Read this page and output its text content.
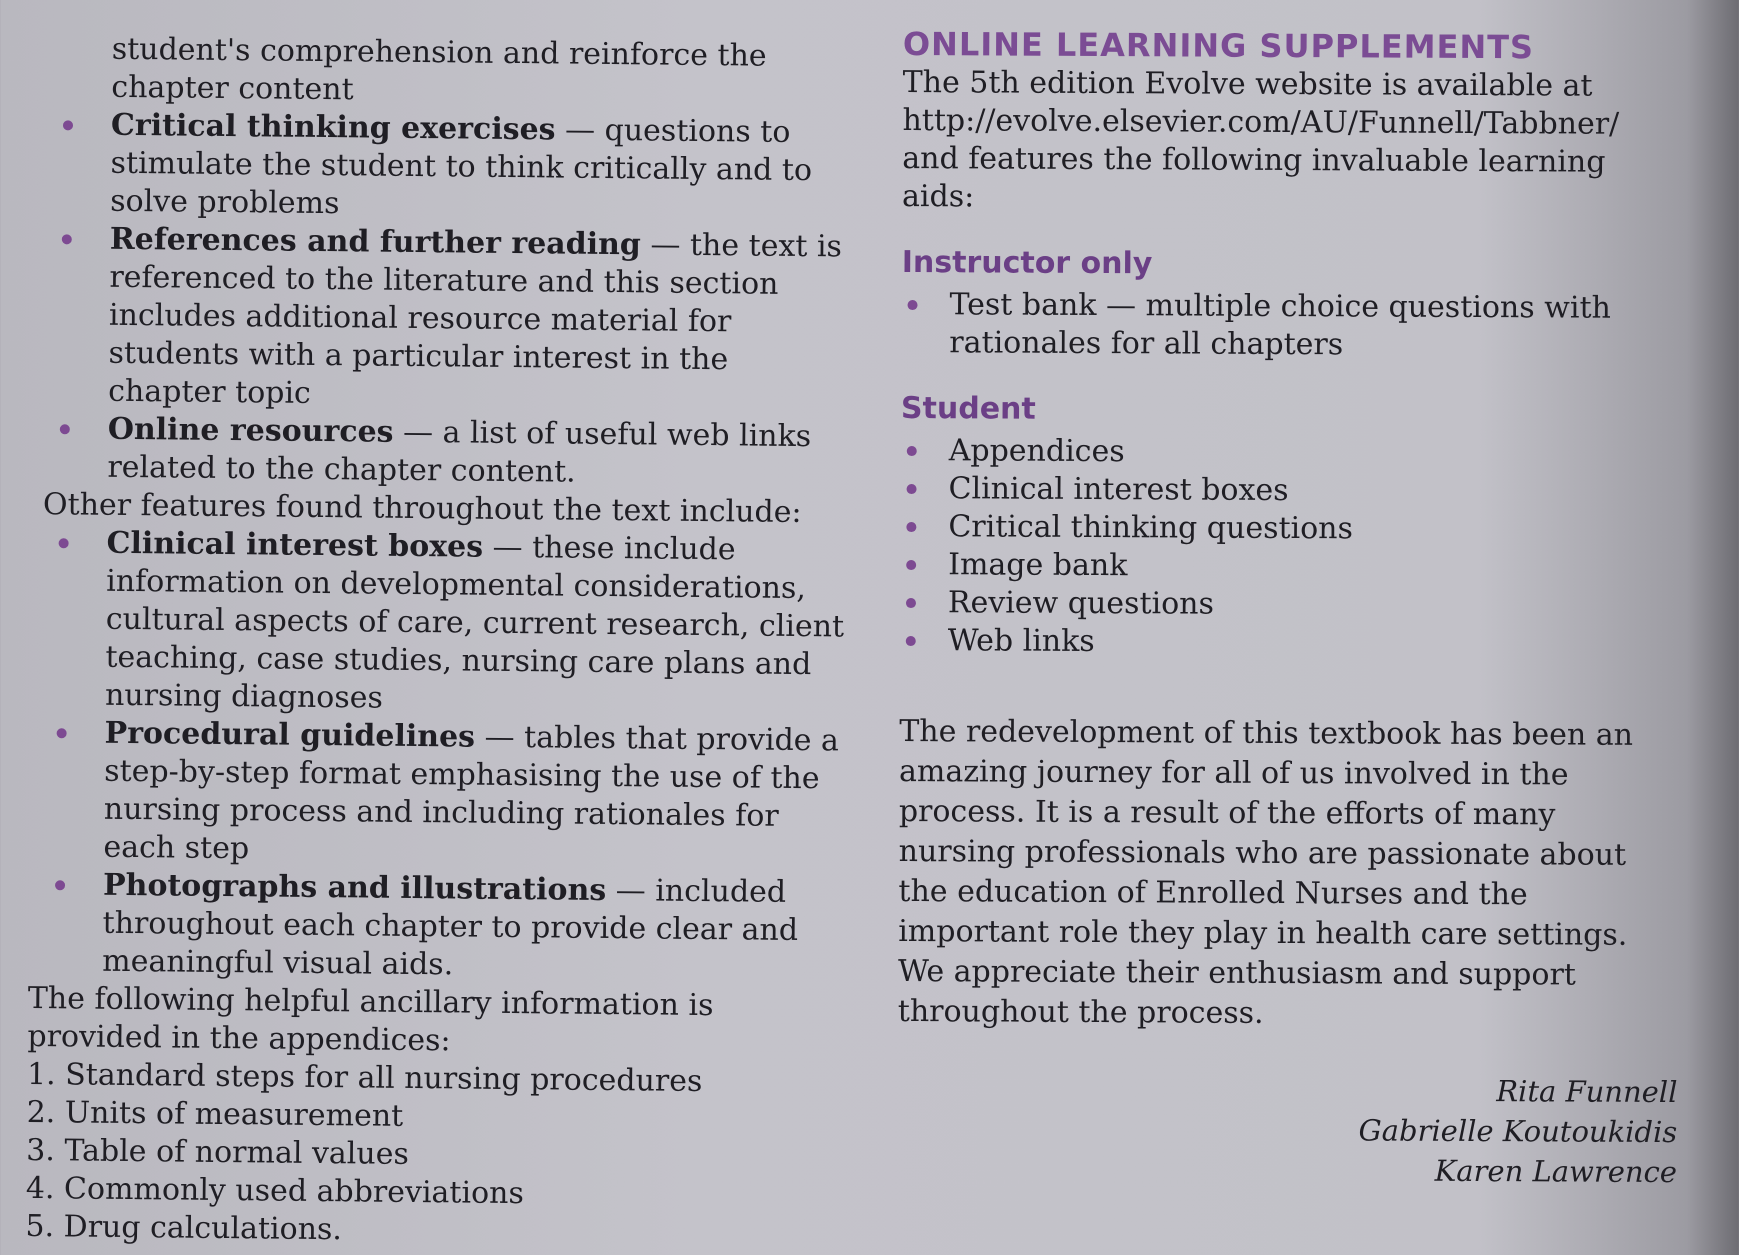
student's comprehension and reinforce the chapter content

Critical thinking exercises — questions to stimulate the student to think critically and to solve problems
References and further reading — the text is referenced to the literature and this section includes additional resource material for students with a particular interest in the chapter topic
Online resources — a list of useful web links related to the chapter content.

Other features found throughout the text include:

Clinical interest boxes — these include information on developmental considerations, cultural aspects of care, current research, client teaching, case studies, nursing care plans and nursing diagnoses
Procedural guidelines — tables that provide a step-by-step format emphasising the use of the nursing process and including rationales for each step
Photographs and illustrations — included throughout each chapter to provide clear and meaningful visual aids.

The following helpful ancillary information is provided in the appendices:

1. Standard steps for all nursing procedures
2. Units of measurement
3. Table of normal values
4. Commonly used abbreviations
5. Drug calculations.
ONLINE LEARNING SUPPLEMENTS

The 5th edition Evolve website is available at http://evolve.elsevier.com/AU/Funnell/Tabbner/ and features the following invaluable learning aids:

Instructor only
Test bank — multiple choice questions with rationales for all chapters
Student
Appendices
Clinical interest boxes
Critical thinking questions
Image bank
Review questions
Web links

The redevelopment of this textbook has been an amazing journey for all of us involved in the process. It is a result of the efforts of many nursing professionals who are passionate about the education of Enrolled Nurses and the important role they play in health care settings. We appreciate their enthusiasm and support throughout the process.

Rita Funnell
Gabrielle Koutoukidis
Karen Lawrence
